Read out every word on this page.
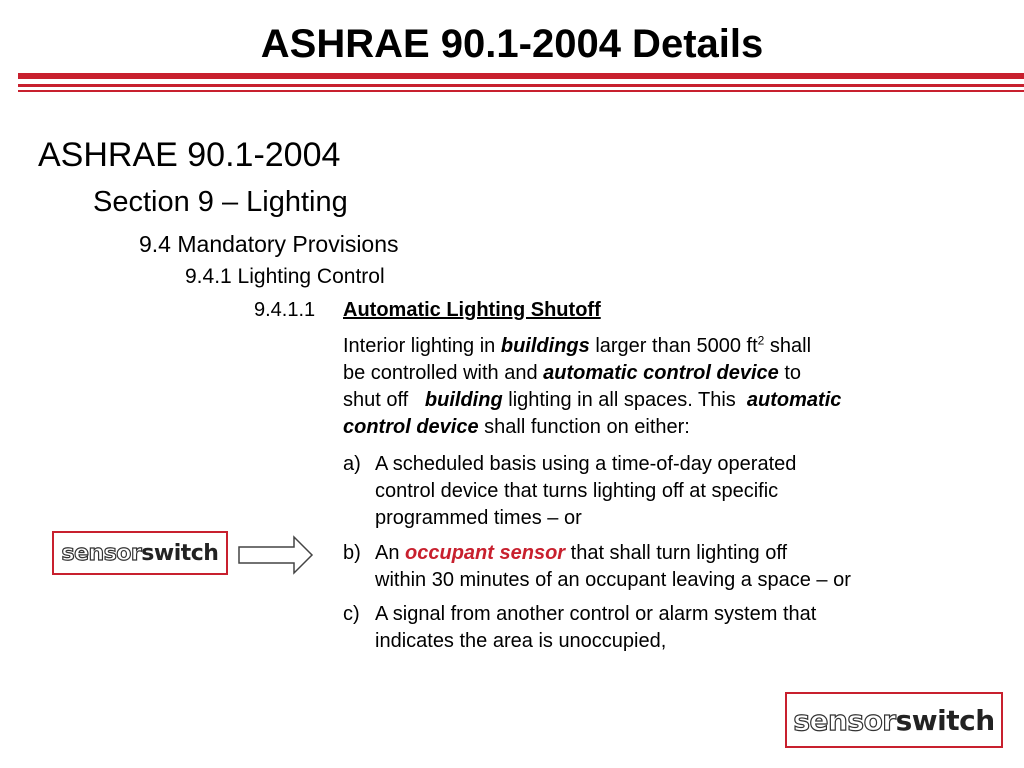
ASHRAE 90.1-2004 Details
ASHRAE 90.1-2004
Section 9 – Lighting
9.4 Mandatory Provisions
9.4.1 Lighting Control
9.4.1.1 Automatic Lighting Shutoff
Interior lighting in buildings larger than 5000 $ft^2$ shall
be controlled with and automatic control device to
shut off   building lighting in all spaces. This  automatic
control device shall function on either:
a) A scheduled basis using a time-of-day operated
control device that turns lighting off at specific
programmed times – or
b) An occupant sensor that shall turn lighting off
within 30 minutes of an occupant leaving a space – or
c) A signal from another control or alarm system that
indicates the area is unoccupied,
sensor switch
sensor switch
